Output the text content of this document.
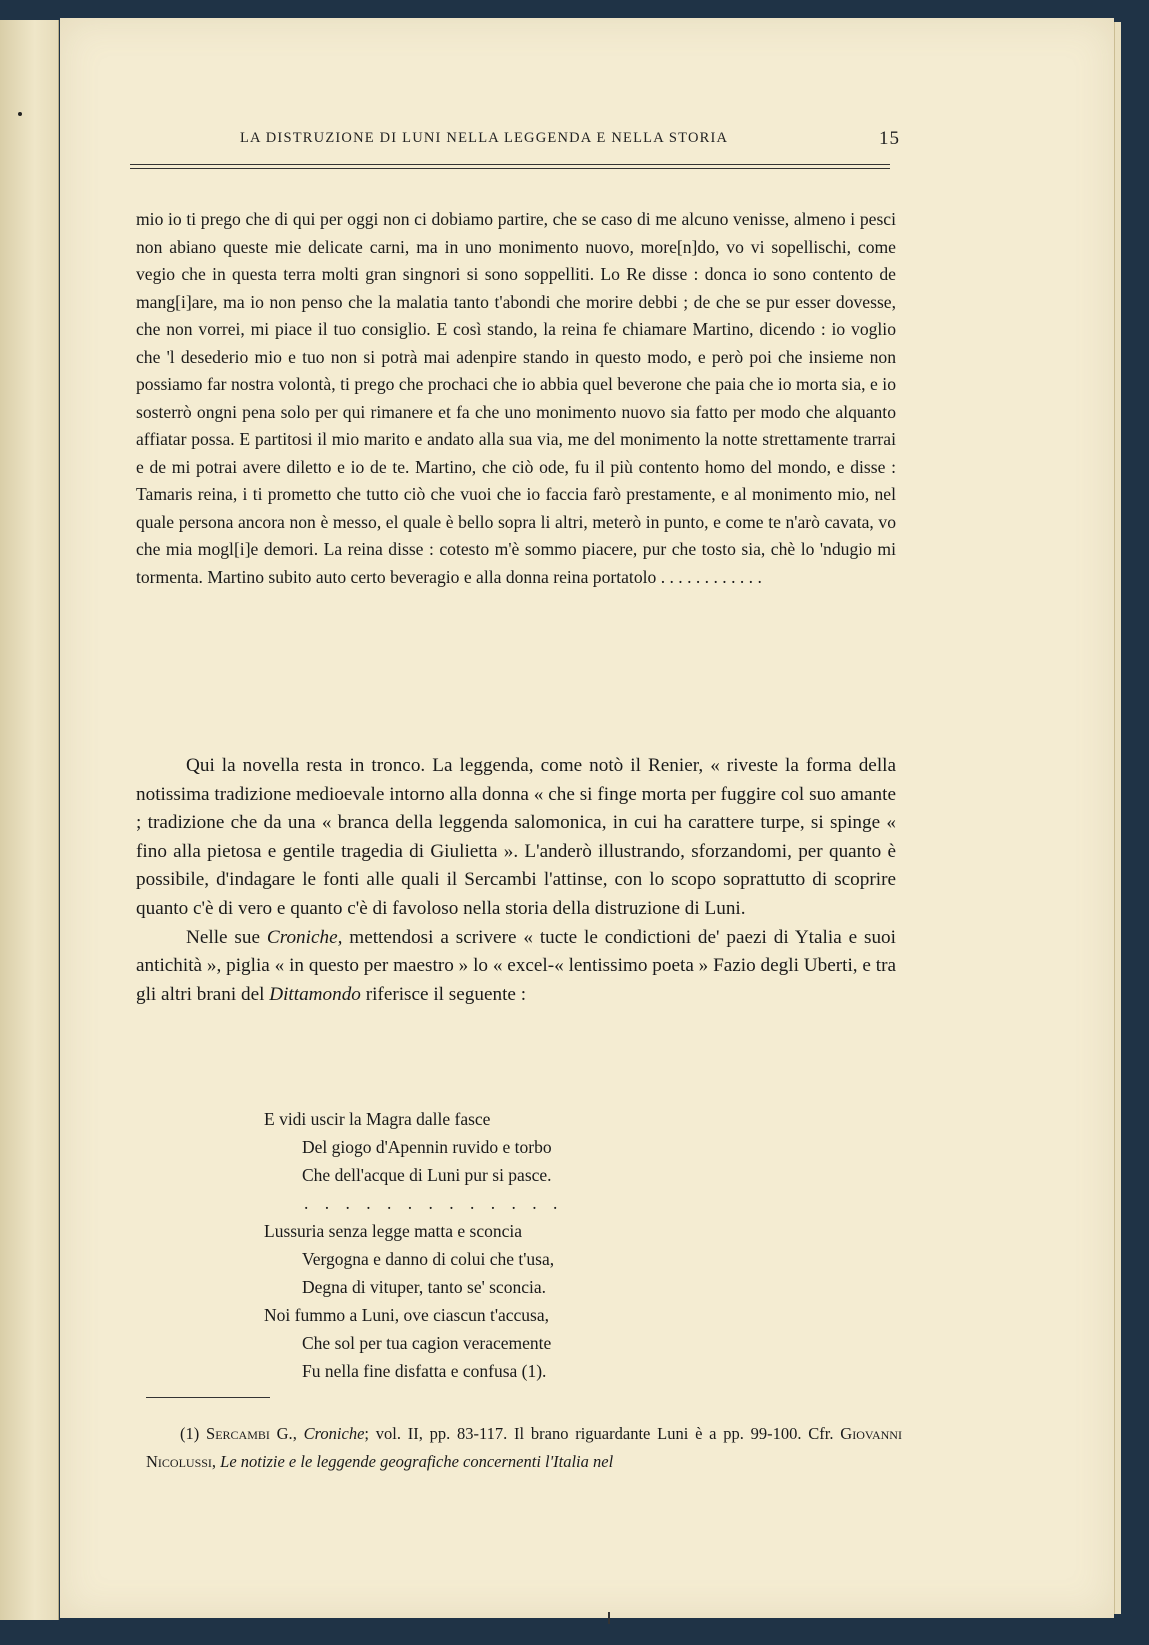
LA DISTRUZIONE DI LUNI NELLA LEGGENDA E NELLA STORIA	15

mio io ti prego che di qui per oggi non ci dobiamo partire, che se caso di me alcuno venisse, almeno i pesci non abiano queste mie delicate carni, ma in uno monimento nuovo, more[n]do, vo vi sopellischi, come vegio che in questa terra molti gran singnori si sono soppelliti. Lo Re disse : donca io sono contento de mang[i]are, ma io non penso che la malatia tanto t'abondi che morire debbi ; de che se pur esser dovesse, che non vorrei, mi piace il tuo consiglio. E così stando, la reina fe chiamare Martino, dicendo : io voglio che 'l desederio mio e tuo non si potrà mai adenpire stando in questo modo, e però poi che insieme non possiamo far nostra volontà, ti prego che prochaci che io abbia quel beverone che paia che io morta sia, e io sosterrò ongni pena solo per qui rimanere et fa che uno monimento nuovo sia fatto per modo che alquanto affiatar possa. E partitosi il mio marito e andato alla sua via, me del monimento la notte strettamente trarrai e de mi potrai avere diletto e io de te. Martino, che ciò ode, fu il più contento homo del mondo, e disse : Tamaris reina, i ti prometto che tutto ciò che vuoi che io faccia farò prestamente, e al monimento mio, nel quale persona ancora non è messo, el quale è bello sopra li altri, meterò in punto, e come te n'arò cavata, vo che mia mogl[i]e demori. La reina disse : cotesto m'è sommo piacere, pur che tosto sia, chè lo 'ndugio mi tormenta. Martino subito auto certo beveragio e alla donna reina portatolo . . . . . . . . . . . .

Qui la novella resta in tronco. La leggenda, come notò il Renier, « riveste la forma della notissima tradizione medioevale intorno alla donna « che si finge morta per fuggire col suo amante ; tradizione che da una « branca della leggenda salomonica, in cui ha carattere turpe, si spinge « fino alla pietosa e gentile tragedia di Giulietta ». L'anderò illustrando, sforzandomi, per quanto è possibile, d'indagare le fonti alle quali il Sercambi l'attinse, con lo scopo soprattutto di scoprire quanto c'è di vero e quanto c'è di favoloso nella storia della distruzione di Luni.

Nelle sue Croniche, mettendosi a scrivere « tucte le condictioni de' paezi di Ytalia e suoi antichità », piglia « in questo per maestro » lo « excel-« lentissimo poeta » Fazio degli Uberti, e tra gli altri brani del Dittamondo riferisce il seguente :

E vidi uscir la Magra dalle fasce
Del giogo d'Apennin ruvido e torbo
Che dell'acque di Luni pur si pasce.
. . . . . . . . . . . . .
Lussuria senza legge matta e sconcia
Vergogna e danno di colui che t'usa,
Degna di vituper, tanto se' sconcia.
Noi fummo a Luni, ove ciascun t'accusa,
Che sol per tua cagion veracemente
Fu nella fine disfatta e confusa (1).

(1) Sercambi G., Croniche; vol. II, pp. 83-117. Il brano riguardante Luni è a pp. 99-100. Cfr. Giovanni Nicolussi, Le notizie e le leggende geografiche concernenti l'Italia nel
